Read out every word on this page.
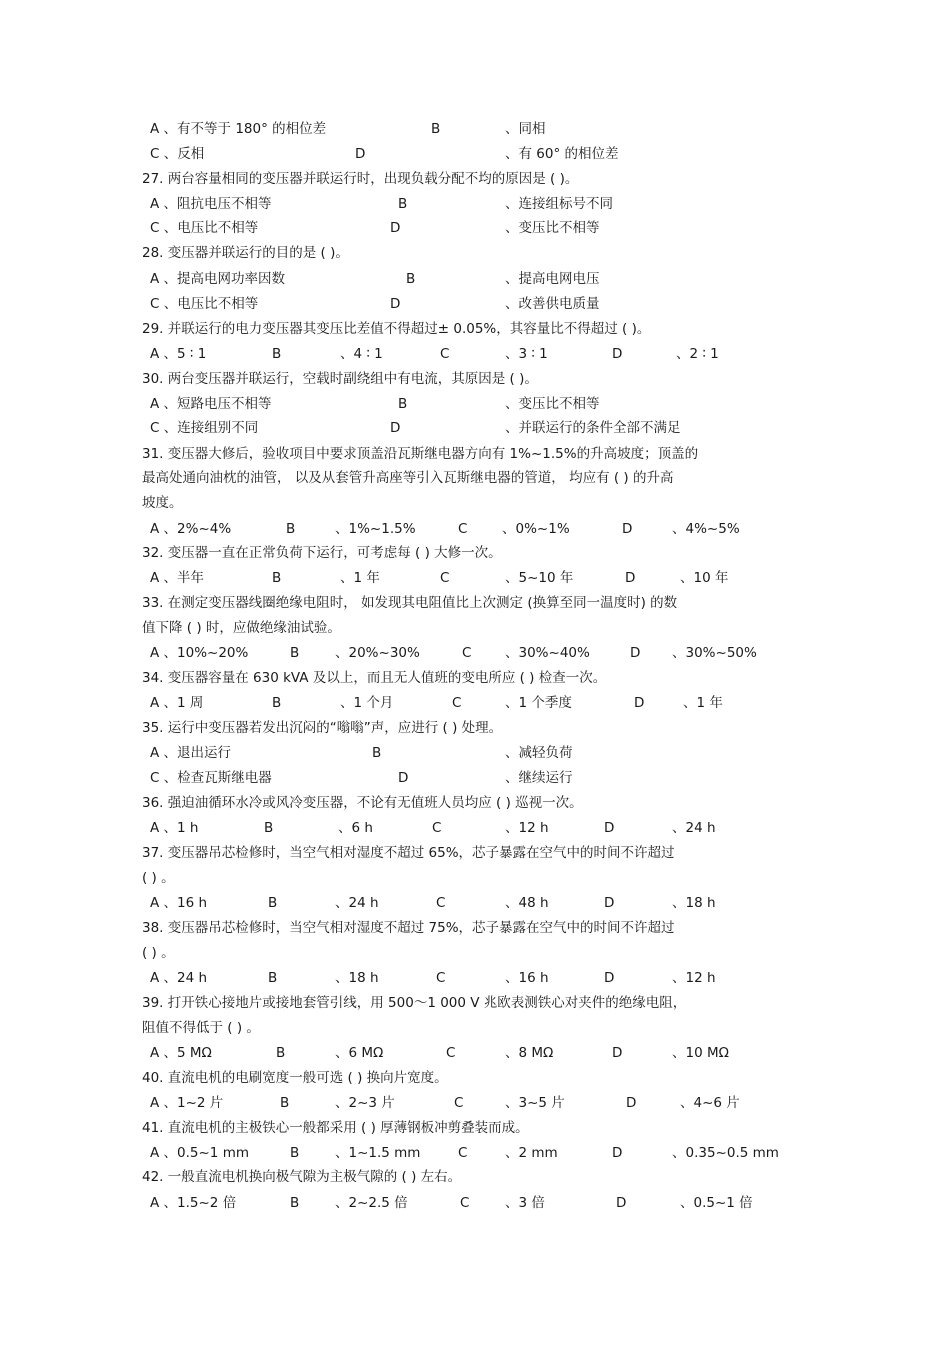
A 、有不等于 180° 的相位差	B	、同相
C 、反相	D	、有 60° 的相位差
27. 两台容量相同的变压器并联运行时，出现负载分配不均的原因是 ( )。
A 、阻抗电压不相等	B	、连接组标号不同
C 、电压比不相等	D	、变压比不相等
28. 变压器并联运行的目的是 ( )。
A 、提高电网功率因数	B	、提高电网电压
C 、电压比不相等	D	、改善供电质量
29. 并联运行的电力变压器其变压比差值不得超过± 0.05%，其容量比不得超过 ( )。
A 、5 ∶ 1	B	、4 ∶ 1	C	、3 ∶ 1	D	、2 ∶ 1
30. 两台变压器并联运行，空载时副绕组中有电流，其原因是 ( )。
A 、短路电压不相等	B	、变压比不相等
C 、连接组别不同	D	、并联运行的条件全部不满足
31. 变压器大修后，验收项目中要求顶盖沿瓦斯继电器方向有 1%~1.5%的升高坡度；顶盖的
最高处通向油枕的油管， 以及从套管升高座等引入瓦斯继电器的管道， 均应有 ( ) 的升高
坡度。
A 、2%~4%	B	、1%~1.5%	C	、0%~1%	D	、4%~5%
32. 变压器一直在正常负荷下运行，可考虑每 ( ) 大修一次。
A 、半年	B	、1 年	C	、5~10 年	D	、10 年
33. 在测定变压器线圈绝缘电阻时， 如发现其电阻值比上次测定 (换算至同一温度时) 的数
值下降 ( ) 时，应做绝缘油试验。
A 、10%~20%	B	、20%~30%	C 、30%~40%	D 、30%~50%
34. 变压器容量在 630 kVA 及以上，而且无人值班的变电所应 ( ) 检查一次。
A 、1 周	B	、1 个月	C	、1 个季度	D	、1 年
35. 运行中变压器若发出沉闷的“嗡嗡”声，应进行 ( ) 处理。
A 、退出运行	B	、减轻负荷
C 、检查瓦斯继电器	D	、继续运行
36. 强迫油循环水冷或风冷变压器，不论有无值班人员均应 ( ) 巡视一次。
A 、1 h	B	、6 h	C	、12 h	D	、24 h
37. 变压器吊芯检修时，当空气相对湿度不超过 65%，芯子暴露在空气中的时间不许超过
( ) 。
A 、16 h	B	、24 h	C	、48 h	D	、18 h
38. 变压器吊芯检修时，当空气相对湿度不超过 75%，芯子暴露在空气中的时间不许超过
( ) 。
A 、24 h	B	、18 h	C	、16 h	D	、12 h
39. 打开铁心接地片或接地套管引线，用 500～1 000 V 兆欧表测铁心对夹件的绝缘电阻，
阻值不得低于 ( ) 。
A 、5 MΩ	B	、6 MΩ	C	、8 MΩ	D	、10 MΩ
40. 直流电机的电刷宽度一般可选 ( ) 换向片宽度。
A 、1~2 片	B	、2~3 片	C	、3~5 片	D	、4~6 片
41. 直流电机的主极铁心一般都采用 ( ) 厚薄钢板冲剪叠装而成。
A 、0.5~1 mm	B	、1~1.5 mm	C	、2 mm	D	、0.35~0.5 mm
42. 一般直流电机换向极气隙为主极气隙的 ( ) 左右。
A 、1.5~2 倍	B	、2~2.5 倍	C	、3 倍	D	、0.5~1 倍
